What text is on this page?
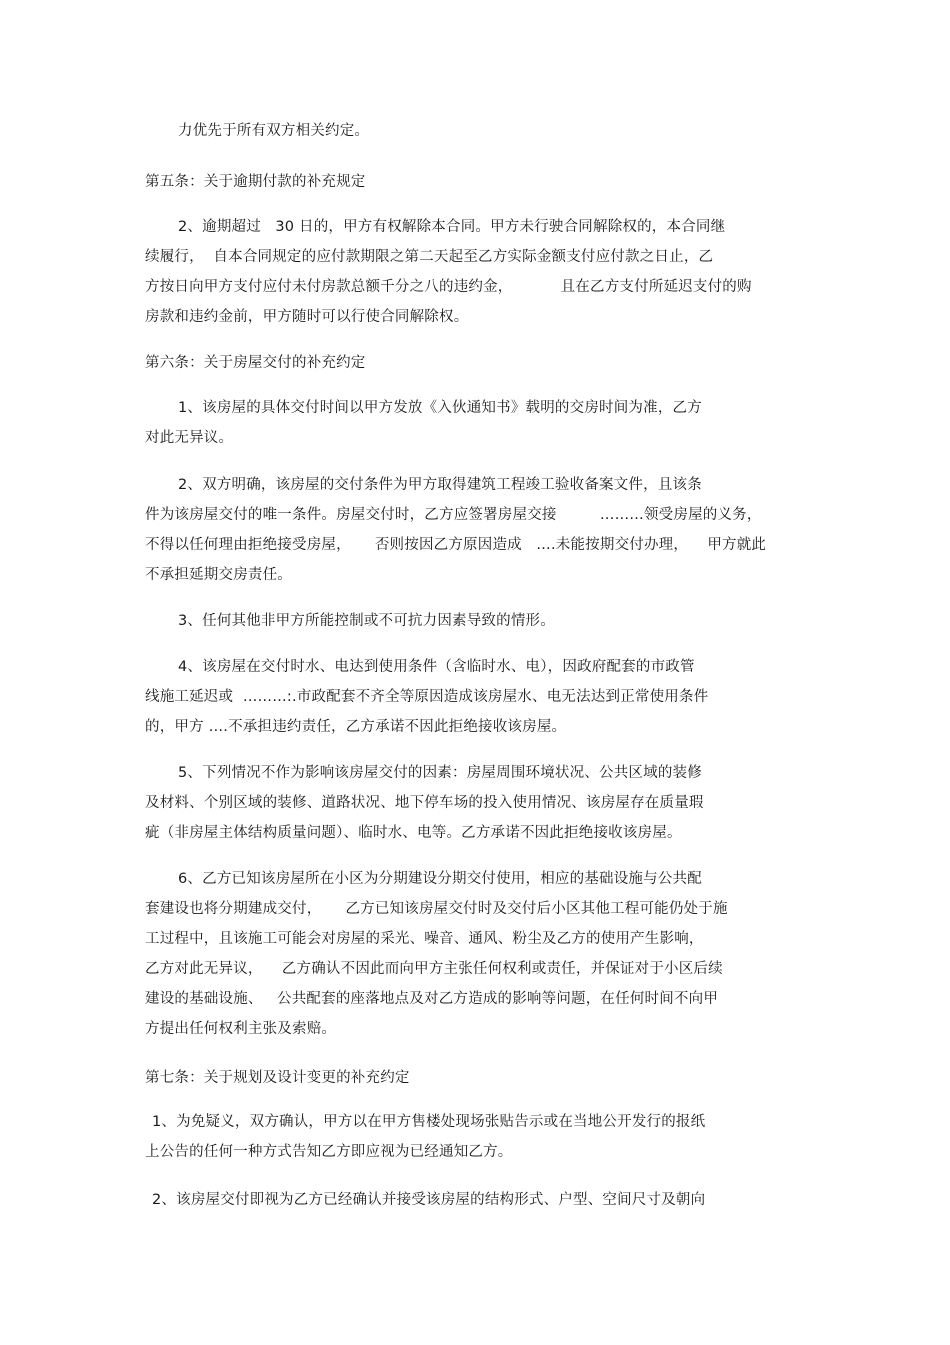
力优先于所有双方相关约定。
第五条：关于逾期付款的补充规定
2、逾期超过   30 日的，甲方有权解除本合同。甲方未行驶合同解除权的，本合同继
续履行，  自本合同规定的应付款期限之第二天起至乙方实际金额支付应付款之日止，乙
方按日向甲方支付应付未付房款总额千分之八的违约金，          且在乙方支付所延迟支付的购
房款和违约金前，甲方随时可以行使合同解除权。
第六条：关于房屋交付的补充约定
1、该房屋的具体交付时间以甲方发放《入伙通知书》载明的交房时间为准，乙方
对此无异议。
2、双方明确，该房屋的交付条件为甲方取得建筑工程竣工验收备案文件，且该条
件为该房屋交付的唯一条件。房屋交付时，乙方应签署房屋交接         ………领受房屋的义务，
不得以任何理由拒绝接受房屋，     否则按因乙方原因造成   ….未能按期交付办理，    甲方就此
不承担延期交房责任。
3、任何其他非甲方所能控制或不可抗力因素导致的情形。
4、该房屋在交付时水、电达到使用条件（含临时水、电），因政府配套的市政管
线施工延迟或  ………:.市政配套不齐全等原因造成该房屋水、电无法达到正常使用条件
的，甲方 ….不承担违约责任，乙方承诺不因此拒绝接收该房屋。
5、下列情况不作为影响该房屋交付的因素：房屋周围环境状况、公共区域的装修
及材料、个别区域的装修、道路状况、地下停车场的投入使用情况、该房屋存在质量瑕
疵（非房屋主体结构质量问题）、临时水、电等。乙方承诺不因此拒绝接收该房屋。
6、乙方已知该房屋所在小区为分期建设分期交付使用，相应的基础设施与公共配
套建设也将分期建成交付，     乙方已知该房屋交付时及交付后小区其他工程可能仍处于施
工过程中，且该施工可能会对房屋的采光、噪音、通风、粉尘及乙方的使用产生影响，
乙方对此无异议，    乙方确认不因此而向甲方主张任何权利或责任，并保证对于小区后续
建设的基础设施、   公共配套的座落地点及对乙方造成的影响等问题，在任何时间不向甲
方提出任何权利主张及索赔。
第七条：关于规划及设计变更的补充约定
1、为免疑义，双方确认，甲方以在甲方售楼处现场张贴告示或在当地公开发行的报纸
上公告的任何一种方式告知乙方即应视为已经通知乙方。
2、该房屋交付即视为乙方已经确认并接受该房屋的结构形式、户型、空间尺寸及朝向
